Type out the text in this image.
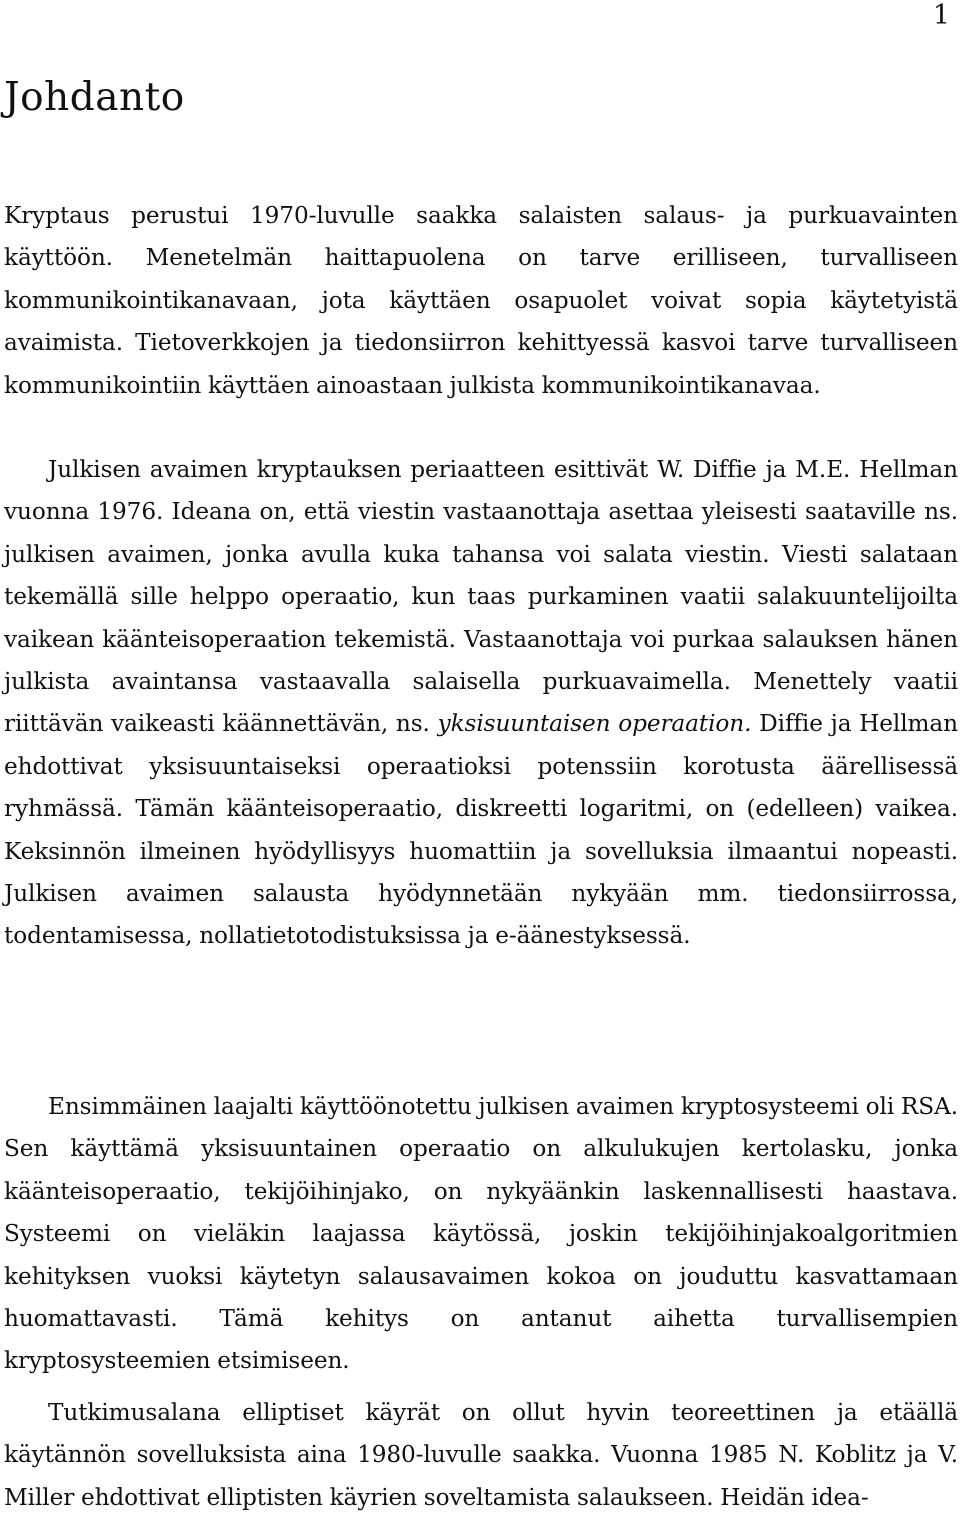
1
Johdanto

Kryptaus perustui 1970-luvulle saakka salaisten salaus- ja purkuavainten käyttöön. Menetelmän haittapuolena on tarve erilliseen, turvalliseen kommunikointikanavaan, jota käyttäen osapuolet voivat sopia käytetyistä avaimista. Tietoverkkojen ja tiedonsiirron kehittyessä kasvoi tarve turvalliseen kommunikointiin käyttäen ainoastaan julkista kommunikointikanavaa.

Julkisen avaimen kryptauksen periaatteen esittivät W. Diffie ja M.E. Hellman vuonna 1976. Ideana on, että viestin vastaanottaja asettaa yleisesti saataville ns. julkisen avaimen, jonka avulla kuka tahansa voi salata viestin. Viesti salataan tekemällä sille helppo operaatio, kun taas purkaminen vaatii salakuuntelijoilta vaikean käänteisoperaation tekemistä. Vastaanottaja voi purkaa salauksen hänen julkista avaintansa vastaavalla salaisella purkuavaimella. Menettely vaatii riittävän vaikeasti käännettävän, ns. yksisuuntaisen operaation. Diffie ja Hellman ehdottivat yksisuuntaiseksi operaatioksi potenssiin korotusta äärellisessä ryhmässä. Tämän käänteisoperaatio, diskreetti logaritmi, on (edelleen) vaikea. Keksinnön ilmeinen hyödyllisyys huomattiin ja sovelluksia ilmaantui nopeasti. Julkisen avaimen salausta hyödynnetään nykyään mm. tiedonsiirrossa, todentamisessa, nollatietotodistuksissa ja e-äänestyksessä.

Ensimmäinen laajalti käyttöönotettu julkisen avaimen kryptosysteemi oli RSA. Sen käyttämä yksisuuntainen operaatio on alkulukujen kertolasku, jonka käänteisoperaatio, tekijöihinjako, on nykyäänkin laskennallisesti haastava. Systeemi on vieläkin laajassa käytössä, joskin tekijöihinjakoalgoritmien kehityksen vuoksi käytetyn salausavaimen kokoa on jouduttu kasvattamaan huomattavasti. Tämä kehitys on antanut aihetta turvallisempien kryptosysteemien etsimiseen.

Tutkimusalana elliptiset käyrät on ollut hyvin teoreettinen ja etäällä käytännön sovelluksista aina 1980-luvulle saakka. Vuonna 1985 N. Koblitz ja V. Miller ehdottivat elliptisten käyrien soveltamista salaukseen. Heidän idea-
